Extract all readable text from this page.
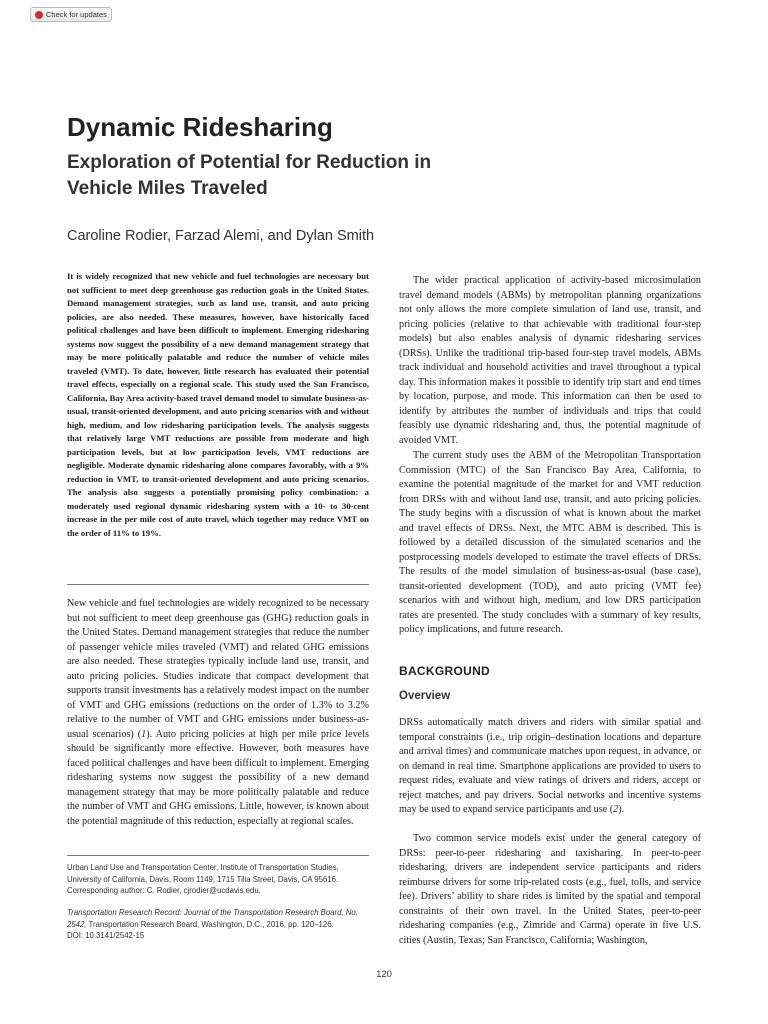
Check for updates
Dynamic Ridesharing
Exploration of Potential for Reduction in Vehicle Miles Traveled

Caroline Rodier, Farzad Alemi, and Dylan Smith

It is widely recognized that new vehicle and fuel technologies are necessary but not sufficient to meet deep greenhouse gas reduction goals in the United States. Demand management strategies, such as land use, transit, and auto pricing policies, are also needed. These measures, however, have historically faced political challenges and have been difficult to implement. Emerging ridesharing systems now suggest the possibility of a new demand management strategy that may be more politically palatable and reduce the number of vehicle miles traveled (VMT). To date, however, little research has evaluated their potential travel effects, especially on a regional scale. This study used the San Francisco, California, Bay Area activity-based travel demand model to simulate business-as-usual, transit-oriented development, and auto pricing scenarios with and without high, medium, and low ridesharing participation levels. The analysis suggests that relatively large VMT reductions are possible from moderate and high participation levels, but at low participation levels, VMT reductions are negligible. Moderate dynamic ridesharing alone compares favorably, with a 9% reduction in VMT, to transit-oriented development and auto pricing scenarios. The analysis also suggests a potentially promising policy combination: a moderately used regional dynamic ridesharing system with a 10- to 30-cent increase in the per mile cost of auto travel, which together may reduce VMT on the order of 11% to 19%.

New vehicle and fuel technologies are widely recognized to be necessary but not sufficient to meet deep greenhouse gas (GHG) reduction goals in the United States. Demand management strategies that reduce the number of passenger vehicle miles traveled (VMT) and related GHG emissions are also needed. These strategies typically include land use, transit, and auto pricing policies. Studies indicate that compact development that supports transit investments has a relatively modest impact on the number of VMT and GHG emissions (reductions on the order of 1.3% to 3.2% relative to the number of VMT and GHG emissions under business-as-usual scenarios) (1). Auto pricing policies at high per mile price levels should be significantly more effective. However, both measures have faced political challenges and have been difficult to implement. Emerging ridesharing systems now suggest the possibility of a new demand management strategy that may be more politically palatable and reduce the number of VMT and GHG emissions. Little, however, is known about the potential magnitude of this reduction, especially at regional scales.

Urban Land Use and Transportation Center, Institute of Transportation Studies, University of California, Davis, Room 1149, 1715 Tilia Street, Davis, CA 95616. Corresponding author: C. Rodier, cjrodier@ucdavis.edu.

Transportation Research Record: Journal of the Transportation Research Board, No. 2542, Transportation Research Board, Washington, D.C., 2016, pp. 120–126.
DOI: 10.3141/2542-15

The wider practical application of activity-based microsimulation travel demand models (ABMs) by metropolitan planning organizations not only allows the more complete simulation of land use, transit, and pricing policies (relative to that achievable with traditional four-step models) but also enables analysis of dynamic ridesharing services (DRSs). Unlike the traditional trip-based four-step travel models, ABMs track individual and household activities and travel throughout a typical day. This information makes it possible to identify trip start and end times by location, purpose, and mode. This information can then be used to identify by attributes the number of individuals and trips that could feasibly use dynamic ridesharing and, thus, the potential magnitude of avoided VMT.

The current study uses the ABM of the Metropolitan Transportation Commission (MTC) of the San Francisco Bay Area, California, to examine the potential magnitude of the market for and VMT reduction from DRSs with and without land use, transit, and auto pricing policies. The study begins with a discussion of what is known about the market and travel effects of DRSs. Next, the MTC ABM is described. This is followed by a detailed discussion of the simulated scenarios and the postprocessing models developed to estimate the travel effects of DRSs. The results of the model simulation of business-as-usual (base case), transit-oriented development (TOD), and auto pricing (VMT fee) scenarios with and without high, medium, and low DRS participation rates are presented. The study concludes with a summary of key results, policy implications, and future research.

BACKGROUND
Overview

DRSs automatically match drivers and riders with similar spatial and temporal constraints (i.e., trip origin–destination locations and departure and arrival times) and communicate matches upon request, in advance, or on demand in real time. Smartphone applications are provided to users to request rides, evaluate and view ratings of drivers and riders, accept or reject matches, and pay drivers. Social networks and incentive systems may be used to expand service participants and use (2).

Two common service models exist under the general category of DRSs: peer-to-peer ridesharing and taxisharing. In peer-to-peer ridesharing, drivers are independent service participants and riders reimburse drivers for some trip-related costs (e.g., fuel, tolls, and service fee). Drivers’ ability to share rides is limited by the spatial and temporal constraints of their own travel. In the United States, peer-to-peer ridesharing companies (e.g., Zimride and Carma) operate in five U.S. cities (Austin, Texas; San Francisco, California; Washington,

120
